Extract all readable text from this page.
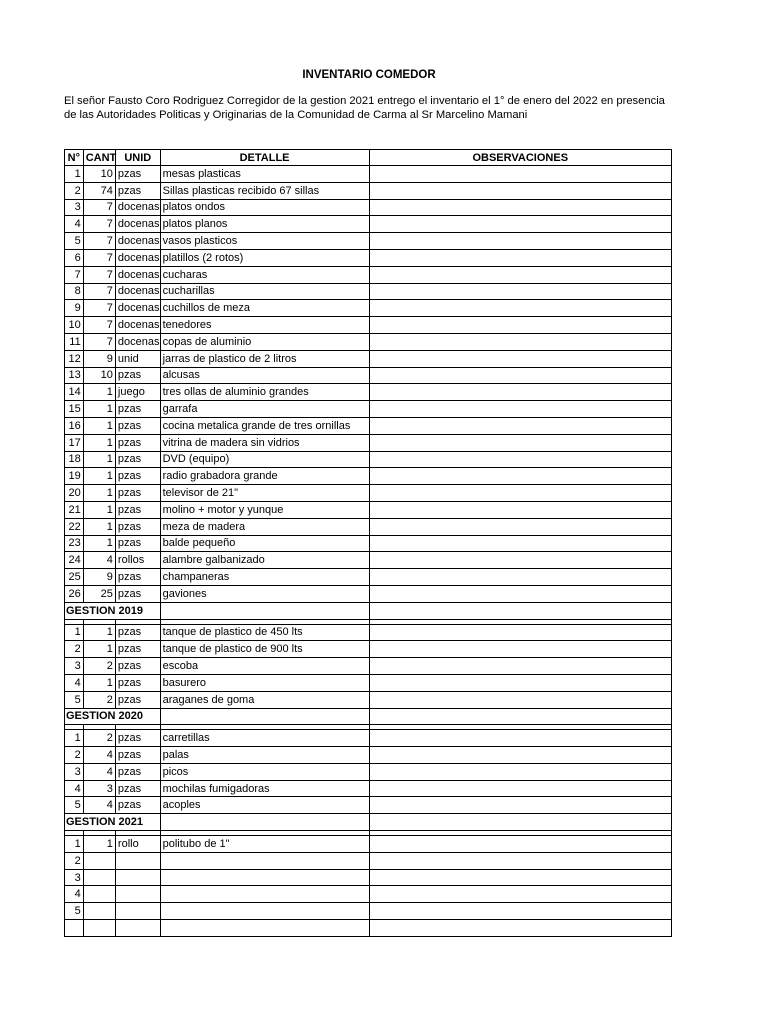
INVENTARIO COMEDOR
El señor Fausto Coro Rodriguez Corregidor de la gestion 2021 entrego el inventario el 1° de enero del 2022 en presencia
de las Autoridades Politicas y Originarias de la Comunidad de Carma al Sr Marcelino Mamani
N°	CANT	UNID	DETALLE	OBSERVACIONES
1	10	pzas	mesas plasticas	
2	74	pzas	Sillas plasticas recibido 67 sillas	
3	7	docenas	platos ondos	
4	7	docenas	platos planos	
5	7	docenas	vasos plasticos	
6	7	docenas	platillos (2 rotos)	
7	7	docenas	cucharas	
8	7	docenas	cucharillas	
9	7	docenas	cuchillos de meza	
10	7	docenas	tenedores	
11	7	docenas	copas de aluminio	
12	9	unid	jarras de plastico de 2 litros	
13	10	pzas	alcusas	
14	1	juego	tres ollas de aluminio grandes	
15	1	pzas	garrafa	
16	1	pzas	cocina metalica grande de tres ornillas	
17	1	pzas	vitrina de madera sin vidrios	
18	1	pzas	DVD (equipo)	
19	1	pzas	radio grabadora grande	
20	1	pzas	televisor de 21"	
21	1	pzas	molino + motor y yunque	
22	1	pzas	meza de madera	
23	1	pzas	balde pequeño	
24	4	rollos	alambre galbanizado	
25	9	pzas	champaneras	
26	25	pzas	gaviones	
GESTION 2019				

1	1	pzas	tanque de plastico de 450 lts	
2	1	pzas	tanque de plastico de 900 lts	
3	2	pzas	escoba	
4	1	pzas	basurero	
5	2	pzas	araganes de goma	
GESTION 2020				

1	2	pzas	carretillas	
2	4	pzas	palas	
3	4	pzas	picos	
4	3	pzas	mochilas fumigadoras	
5	4	pzas	acoples	
GESTION 2021				

1	1	rollo	politubo de 1"	
2				
3				
4				
5				
